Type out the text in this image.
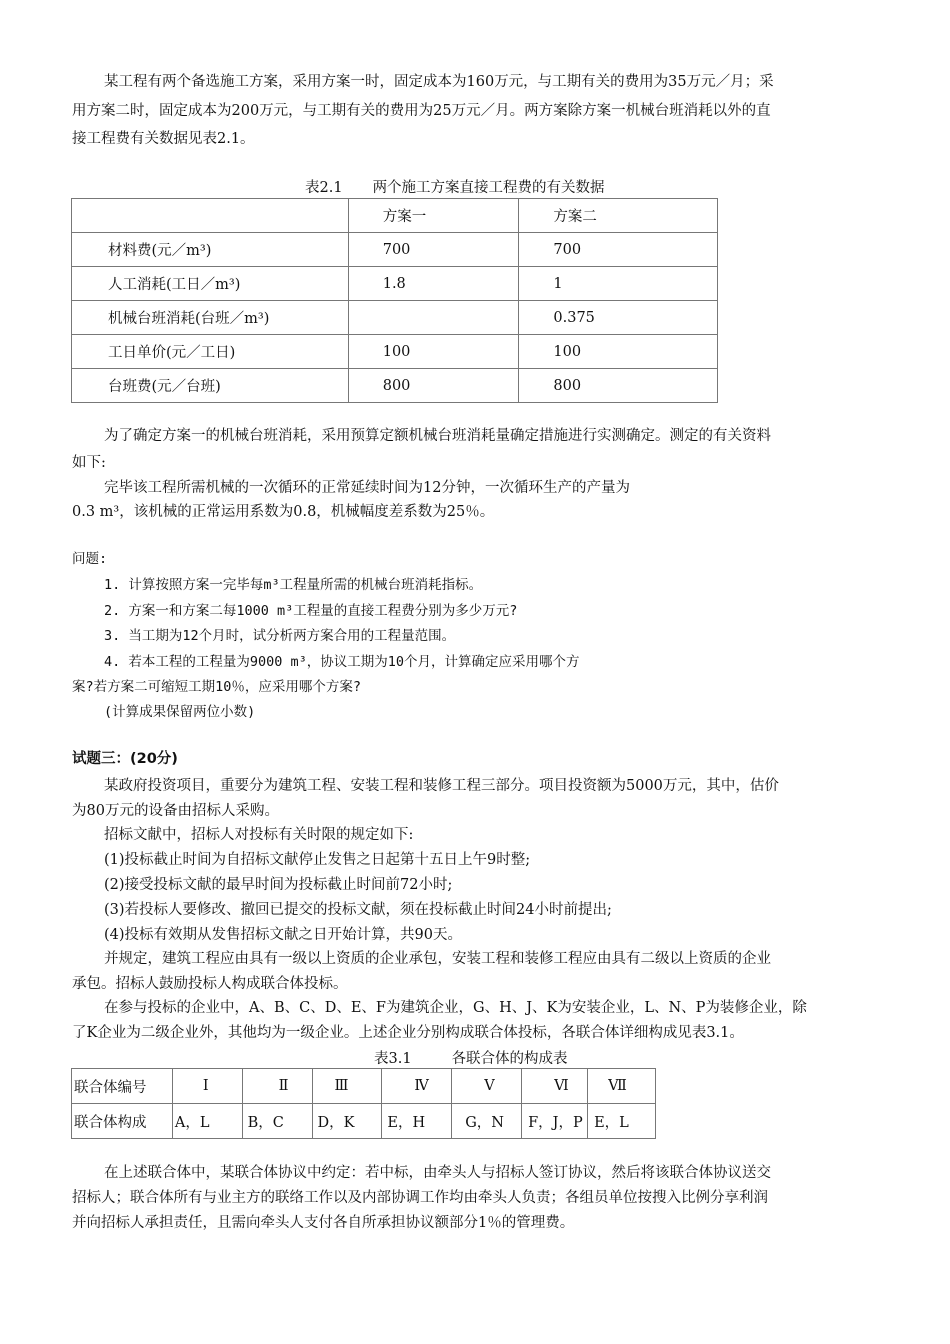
某工程有两个备选施工方案，采用方案一时，固定成本为160万元，与工期有关的费用为35万元／月；采
用方案二时，固定成本为200万元，与工期有关的费用为25万元／月。两方案除方案一机械台班消耗以外的直
接工程费有关数据见表2.1。
表2.1 两个施工方案直接工程费的有关数据
	方案一	方案二
材料费(元／m³)	700	700
人工消耗(工日／m³)	1.8	1
机械台班消耗(台班／m³)		0.375
工日单价(元／工日)	100	100
台班费(元／台班)	800	800
为了确定方案一的机械台班消耗，采用预算定额机械台班消耗量确定措施进行实测确定。测定的有关资料
如下:
完毕该工程所需机械的一次循环的正常延续时间为12分钟，一次循环生产的产量为
0.3 m³，该机械的正常运用系数为0.8，机械幅度差系数为25％。
问题:
1. 计算按照方案一完毕每m³工程量所需的机械台班消耗指标。
2. 方案一和方案二每1000 m³工程量的直接工程费分别为多少万元?
3. 当工期为12个月时，试分析两方案合用的工程量范围。
4. 若本工程的工程量为9000 m³，协议工期为10个月，计算确定应采用哪个方
案?若方案二可缩短工期10％，应采用哪个方案?
(计算成果保留两位小数)
试题三：(20分)
某政府投资项目，重要分为建筑工程、安装工程和装修工程三部分。项目投资额为5000万元，其中，估价
为80万元的设备由招标人采购。
招标文献中，招标人对投标有关时限的规定如下:
(1)投标截止时间为自招标文献停止发售之日起第十五日上午9时整;
(2)接受投标文献的最早时间为投标截止时间前72小时;
(3)若投标人要修改、撤回已提交的投标文献，须在投标截止时间24小时前提出;
(4)投标有效期从发售招标文献之日开始计算，共90天。
并规定，建筑工程应由具有一级以上资质的企业承包，安装工程和装修工程应由具有二级以上资质的企业
承包。招标人鼓励投标人构成联合体投标。
在参与投标的企业中，A、B、C、D、E、F为建筑企业，G、H、J、K为安装企业，L、N、P为装修企业，除
了K企业为二级企业外，其他均为一级企业。上述企业分别构成联合体投标，各联合体详细构成见表3.1。
表3.1	各联合体的构成表
联合体编号	Ⅰ	Ⅱ	Ⅲ	Ⅳ	Ⅴ	Ⅵ	Ⅶ
联合体构成	A，L	B，C	D，K	E，H	G，N	F，J，P	E，L
在上述联合体中，某联合体协议中约定：若中标，由牵头人与招标人签订协议，然后将该联合体协议送交
招标人；联合体所有与业主方的联络工作以及内部协调工作均由牵头人负责；各组员单位按搜入比例分享利润
并向招标人承担责任，且需向牵头人支付各自所承担协议额部分1％的管理费。
